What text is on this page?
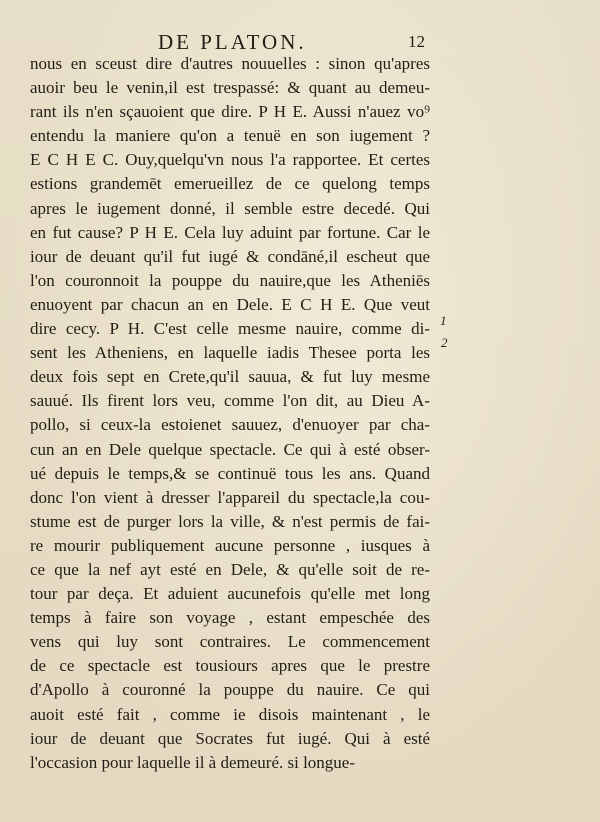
DE PLATON.	12
nous en sceust dire d'autres nouuelles : sinon qu'apres
auoir beu le venin,il est trespassé: & quant au demeu-
rant ils n'en sçauoient que dire. P H E. Aussi n'auez vo⁹
entendu la maniere qu'on a tenuë en son iugement ?
E C H E C. Ouy,quelqu'vn nous l'a rapportee. Et certes
estions grandemēt emerueillez de ce quelong temps
apres le iugement donné, il semble estre decedé. Qui
en fut cause? P H E. Cela luy aduint par fortune. Car le
iour de deuant qu'il fut iugé & condāné,il escheut que
l'on couronnoit la pouppe du nauire,que les Atheniēs
enuoyent par chacun an en Dele. E C H E. Que veut
dire cecy. P H. C'est celle mesme nauire, comme di-
sent les Atheniens, en laquelle iadis Thesee porta les
deux fois sept en Crete,qu'il sauua, & fut luy mesme
sauué. Ils firent lors veu, comme l'on dit, au Dieu A-
pollo, si ceux-la estoienet sauuez, d'enuoyer par cha-
cun an en Dele quelque spectacle. Ce qui à esté obser-
ué depuis le temps,& se continuë tous les ans. Quand
donc l'on vient à dresser l'appareil du spectacle,la cou-
stume est de purger lors la ville, & n'est permis de fai-
re mourir publiquement aucune personne , iusques à
ce que la nef ayt esté en Dele, & qu'elle soit de re-
tour par deça. Et aduient aucunefois qu'elle met long
temps à faire son voyage , estant empeschée des
vens qui luy sont contraires. Le commencement
de ce spectacle est tousiours apres que le prestre
d'Apollo à couronné la pouppe du nauire. Ce qui
auoit esté fait , comme ie disois maintenant , le
iour de deuant que Socrates fut iugé. Qui à esté
l'occasion pour laquelle il à demeuré. si longue-
1
2
